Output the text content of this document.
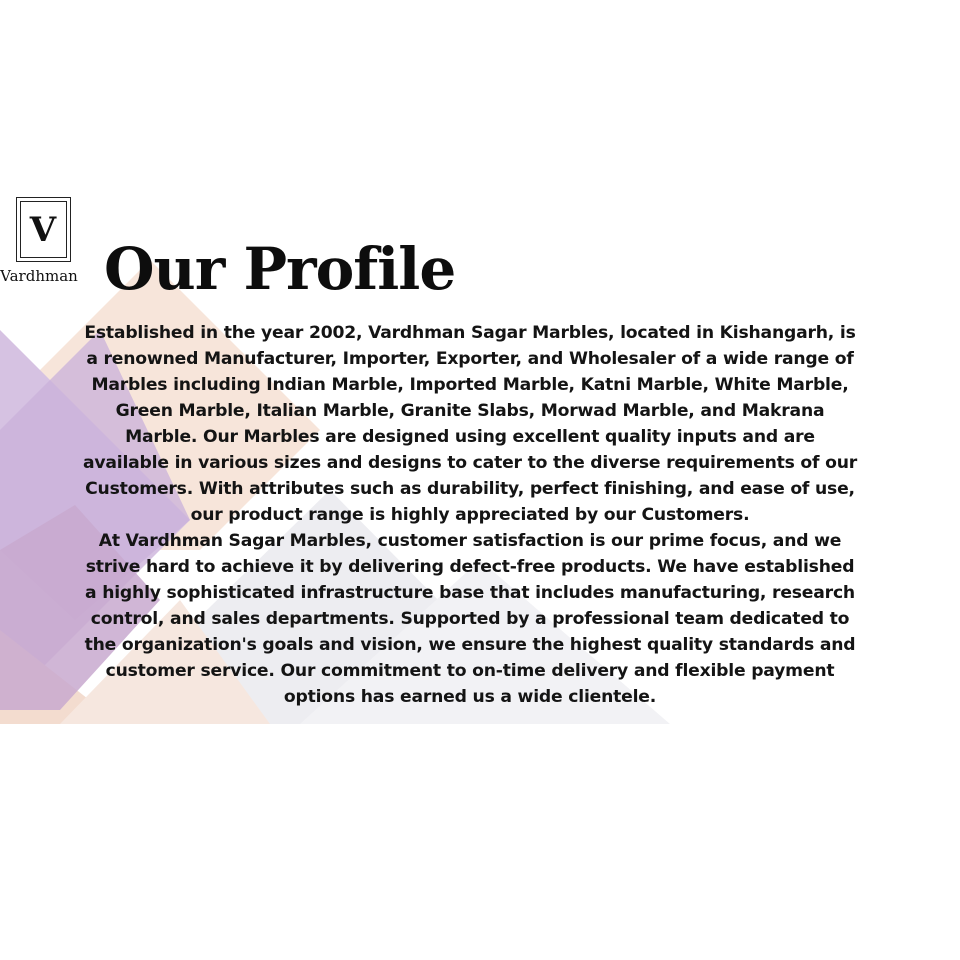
V
Vardhman Our Profile

Established in the year 2002, Vardhman Sagar Marbles, located in Kishangarh, is a renowned Manufacturer, Importer, Exporter, and Wholesaler of a wide range of Marbles including Indian Marble, Imported Marble, Katni Marble, White Marble, Green Marble, Italian Marble, Granite Slabs, Morwad Marble, and Makrana Marble. Our Marbles are designed using excellent quality inputs and are available in various sizes and designs to cater to the diverse requirements of our Customers. With attributes such as durability, perfect finishing, and ease of use, our product range is highly appreciated by our Customers.

At Vardhman Sagar Marbles, customer satisfaction is our prime focus, and we strive hard to achieve it by delivering defect-free products. We have established a highly sophisticated infrastructure base that includes manufacturing, research control, and sales departments. Supported by a professional team dedicated to the organization's goals and vision, we ensure the highest quality standards and customer service. Our commitment to on-time delivery and flexible payment options has earned us a wide clientele.
